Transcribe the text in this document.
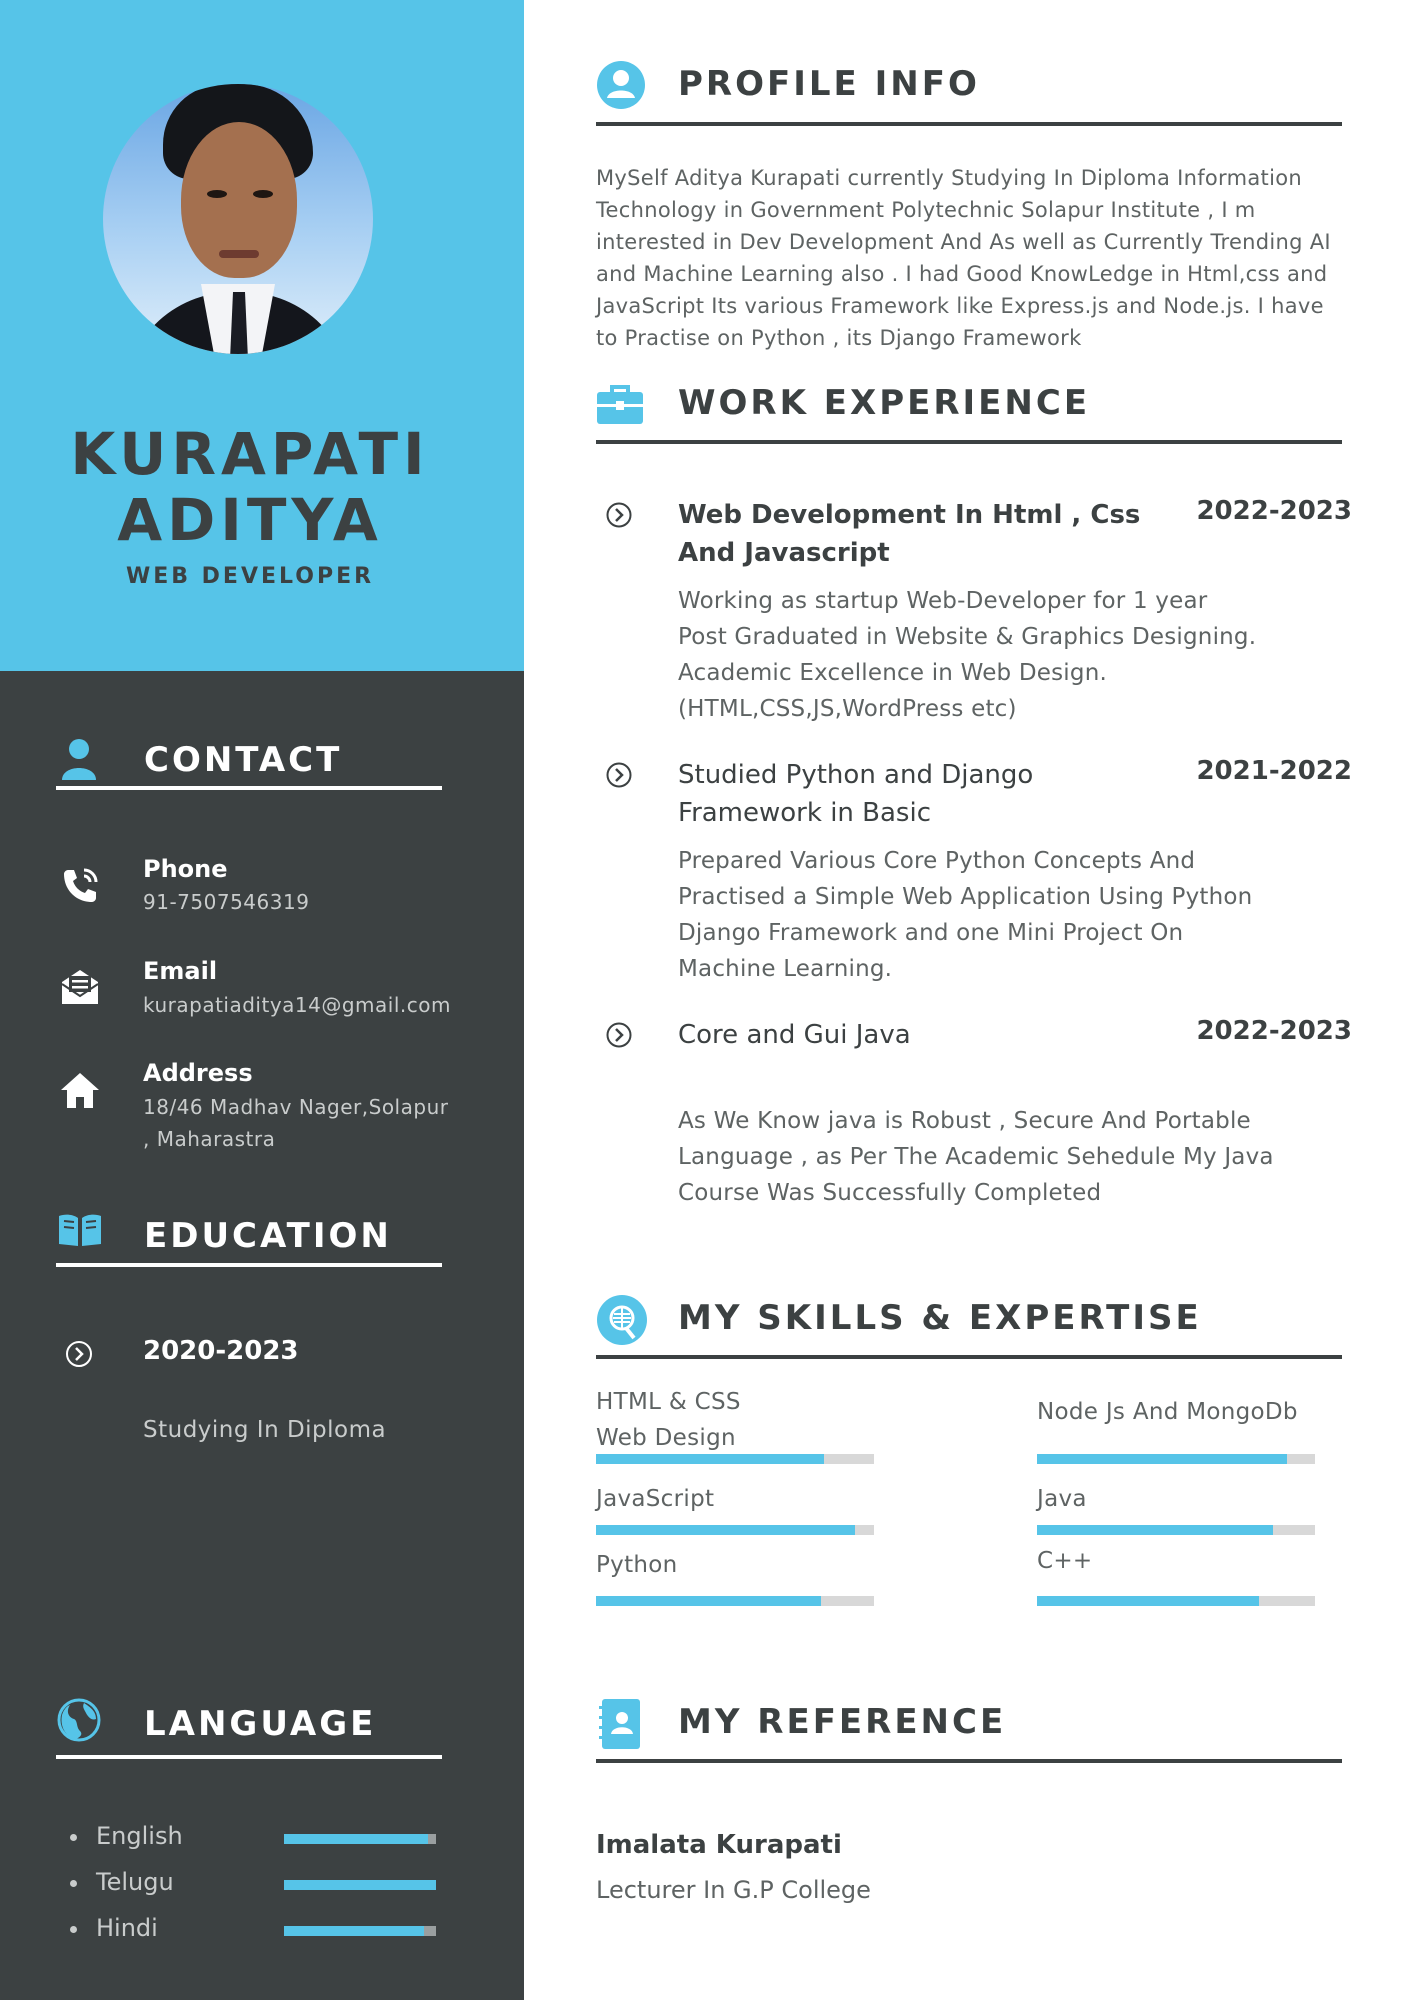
KURAPATI
ADITYA
WEB DEVELOPER
CONTACT
Phone
91-7507546319
Email
kurapatiaditya14@gmail.com
Address
18/46 Madhav Nager,Solapur
, Maharastra
EDUCATION
2020-2023
Studying In Diploma
LANGUAGE
English
Telugu
Hindi
PROFILE INFO
MySelf Aditya Kurapati currently Studying In Diploma Information
Technology in Government Polytechnic Solapur Institute , I m
interested in Dev Development And As well as Currently Trending AI
and Machine Learning also . I had Good KnowLedge in Html,css and
JavaScript Its various Framework like Express.js and Node.js. I have
to Practise on Python , its Django Framework
WORK EXPERIENCE
Web Development In Html , Css
And Javascript
2022-2023
Working as startup Web-Developer for 1 year
Post Graduated in Website & Graphics Designing.
Academic Excellence in Web Design.
(HTML,CSS,JS,WordPress etc)
Studied Python and Django
Framework in Basic
2021-2022
Prepared Various Core Python Concepts And
Practised a Simple Web Application Using Python
Django Framework and one Mini Project On
Machine Learning.
Core and Gui Java	2022-2023
As We Know java is Robust , Secure And Portable
Language , as Per The Academic Sehedule My Java
Course Was Successfully Completed
MY SKILLS & EXPERTISE
HTML & CSS
Web Design
JavaScript
Python
Node Js And MongoDb
Java
C++
MY REFERENCE
Imalata Kurapati
Lecturer In G.P College
